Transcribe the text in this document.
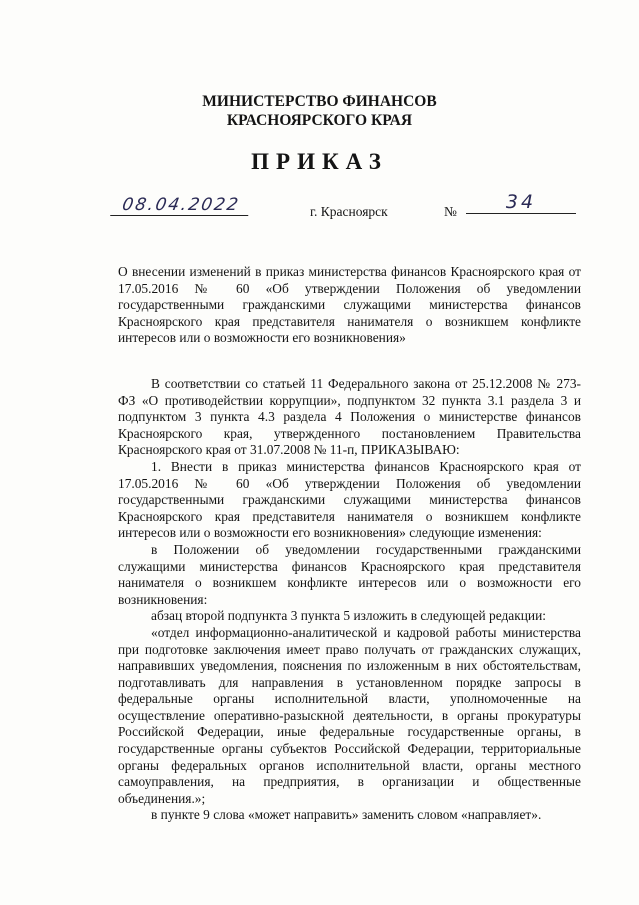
МИНИСТЕРСТВО ФИНАНСОВ
КРАСНОЯРСКОГО КРАЯ
ПРИКАЗ
08.04.2022	г. Красноярск	№	34
О внесении изменений в приказ министерства финансов Красноярского края от 17.05.2016 № 60 «Об утверждении Положения об уведомлении государственными гражданскими служащими министерства финансов Красноярского края представителя нанимателя о возникшем конфликте интересов или о возможности его возникновения»

В соответствии со статьей 11 Федерального закона от 25.12.2008 № 273-ФЗ «О противодействии коррупции», подпунктом 32 пункта 3.1 раздела 3 и подпунктом 3 пункта 4.3 раздела 4 Положения о министерстве финансов Красноярского края, утвержденного постановлением Правительства Красноярского края от 31.07.2008 № 11-п, ПРИКАЗЫВАЮ:

1. Внести в приказ министерства финансов Красноярского края от 17.05.2016 № 60 «Об утверждении Положения об уведомлении государственными гражданскими служащими министерства финансов Красноярского края представителя нанимателя о возникшем конфликте интересов или о возможности его возникновения» следующие изменения:

в Положении об уведомлении государственными гражданскими служащими министерства финансов Красноярского края представителя нанимателя о возникшем конфликте интересов или о возможности его возникновения:

абзац второй подпункта 3 пункта 5 изложить в следующей редакции:

«отдел информационно-аналитической и кадровой работы министерства при подготовке заключения имеет право получать от гражданских служащих, направивших уведомления, пояснения по изложенным в них обстоятельствам, подготавливать для направления в установленном порядке запросы в федеральные органы исполнительной власти, уполномоченные на осуществление оперативно-разыскной деятельности, в органы прокуратуры Российской Федерации, иные федеральные государственные органы, в государственные органы субъектов Российской Федерации, территориальные органы федеральных органов исполнительной власти, органы местного самоуправления, на предприятия, в организации и общественные объединения.»;

в пункте 9 слова «может направить» заменить словом «направляет».
